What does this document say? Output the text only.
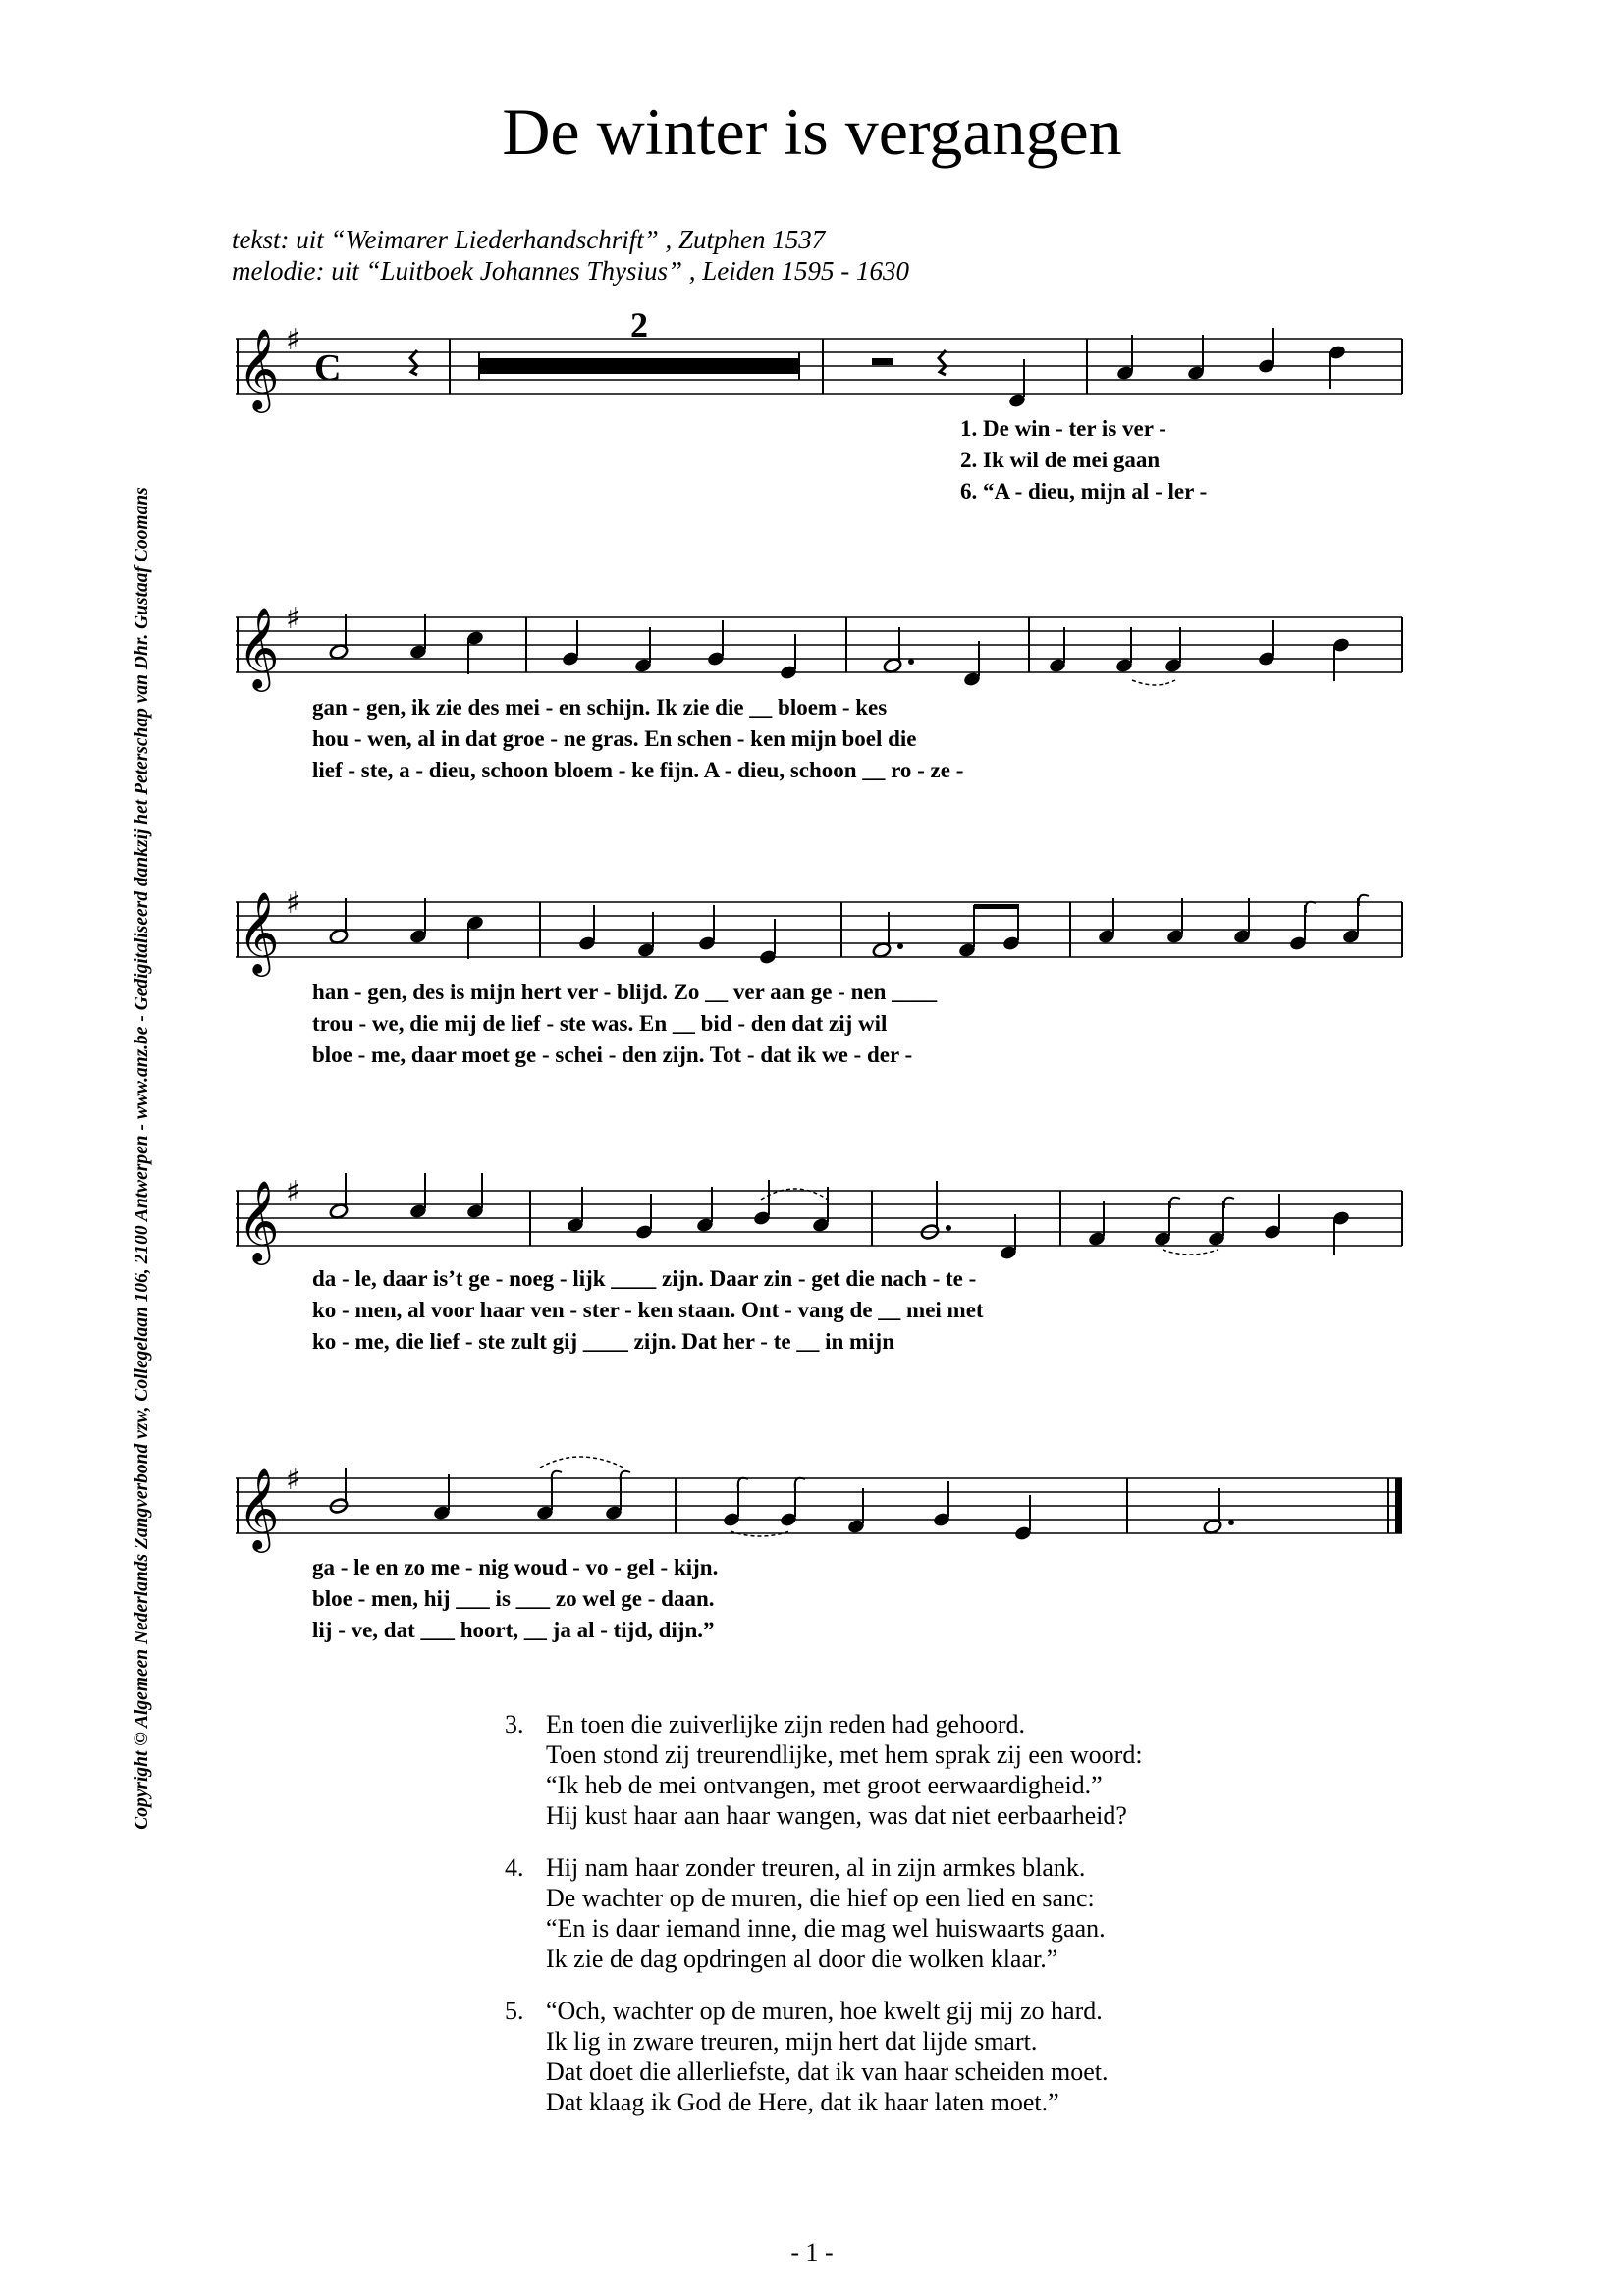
De winter is vergangen
tekst: uit “Weimarer Liederhandschrift” , Zutphen 1537
melodie: uit “Luitboek Johannes Thysius” , Leiden 1595 - 1630
Copyright © Algemeen Nederlands Zangverbond vzw, Collegelaan 106, 2100 Antwerpen - www.anz.be - Gedigitaliseerd dankzij het Peterschap van Dhr. Gustaaf Coomans
𝄞
𝄞
𝄞
𝄞
𝄞
♯
♯
♯
♯
♯
C
2
1. De win - ter is ver -
2. Ik wil de mei gaan
6. “A - dieu, mijn al - ler -
gan - gen, ik zie des mei - en schijn. Ik zie die __ bloem - kes
hou - wen, al in dat groe - ne gras. En schen - ken mijn boel die
lief - ste, a - dieu, schoon bloem - ke fijn. A - dieu, schoon __ ro - ze -
han - gen, des is mijn hert ver - blijd. Zo __ ver aan ge - nen ____
trou - we, die mij de lief - ste was. En __ bid - den dat zij wil
bloe - me, daar moet ge - schei - den zijn. Tot - dat ik we - der -
da - le, daar is’t ge - noeg - lijk ____ zijn. Daar zin - get die nach - te -
ko - men, al voor haar ven - ster - ken staan. Ont - vang de __ mei met
ko - me, die lief - ste zult gij ____ zijn. Dat her - te __ in mijn
ga - le en zo me - nig woud - vo - gel - kijn.
bloe - men, hij ___ is ___ zo wel ge - daan.
lij - ve, dat ___ hoort, __ ja al - tijd, dijn.”
3. En toen die zuiverlijke zijn reden had gehoord.
Toen stond zij treurendlijke, met hem sprak zij een woord:
“Ik heb de mei ontvangen, met groot eerwaardigheid.”
Hij kust haar aan haar wangen, was dat niet eerbaarheid?
4. Hij nam haar zonder treuren, al in zijn armkes blank.
De wachter op de muren, die hief op een lied en sanc:
“En is daar iemand inne, die mag wel huiswaarts gaan.
Ik zie de dag opdringen al door die wolken klaar.”
5. “Och, wachter op de muren, hoe kwelt gij mij zo hard.
Ik lig in zware treuren, mijn hert dat lijde smart.
Dat doet die allerliefste, dat ik van haar scheiden moet.
Dat klaag ik God de Here, dat ik haar laten moet.”
- 1 -
